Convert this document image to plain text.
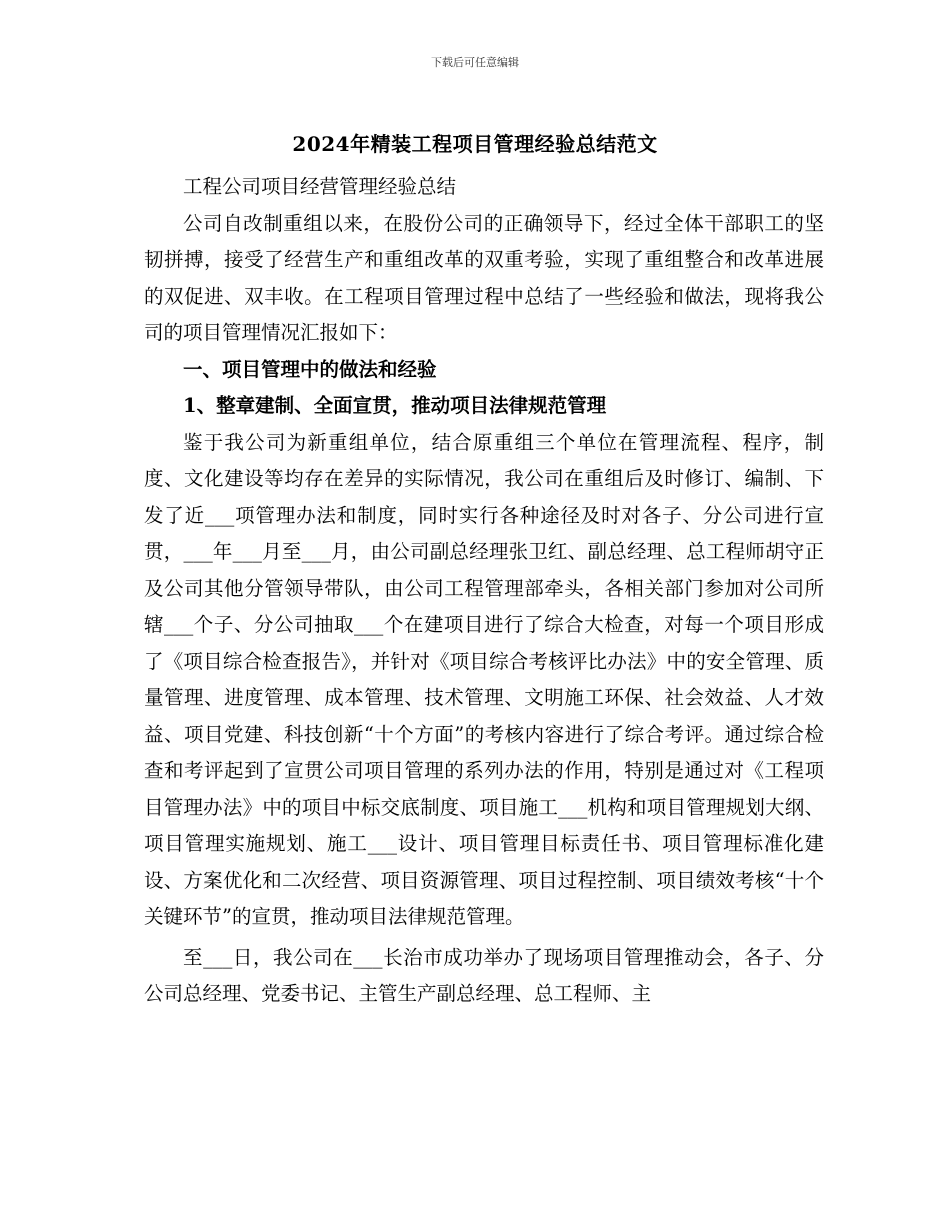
下载后可任意编辑
2024年精装工程项目管理经验总结范文

工程公司项目经营管理经验总结

公司自改制重组以来，在股份公司的正确领导下，经过全体干部职工的坚韧拼搏，接受了经营生产和重组改革的双重考验，实现了重组整合和改革进展的双促进、双丰收。在工程项目管理过程中总结了一些经验和做法，现将我公司的项目管理情况汇报如下：

一、项目管理中的做法和经验

1、整章建制、全面宣贯，推动项目法律规范管理

鉴于我公司为新重组单位，结合原重组三个单位在管理流程、程序，制度、文化建设等均存在差异的实际情况，我公司在重组后及时修订、编制、下发了近___项管理办法和制度，同时实行各种途径及时对各子、分公司进行宣贯，___年___月至___月，由公司副总经理张卫红、副总经理、总工程师胡守正及公司其他分管领导带队，由公司工程管理部牵头，各相关部门参加对公司所辖___个子、分公司抽取___个在建项目进行了综合大检查，对每一个项目形成了《项目综合检查报告》，并针对《项目综合考核评比办法》中的安全管理、质量管理、进度管理、成本管理、技术管理、文明施工环保、社会效益、人才效益、项目党建、科技创新“十个方面”的考核内容进行了综合考评。通过综合检查和考评起到了宣贯公司项目管理的系列办法的作用，特别是通过对《工程项目管理办法》中的项目中标交底制度、项目施工___机构和项目管理规划大纲、项目管理实施规划、施工___设计、项目管理目标责任书、项目管理标准化建设、方案优化和二次经营、项目资源管理、项目过程控制、项目绩效考核“十个关键环节”的宣贯，推动项目法律规范管理。

至___日，我公司在___长治市成功举办了现场项目管理推动会，各子、分公司总经理、党委书记、主管生产副总经理、总工程师、主
